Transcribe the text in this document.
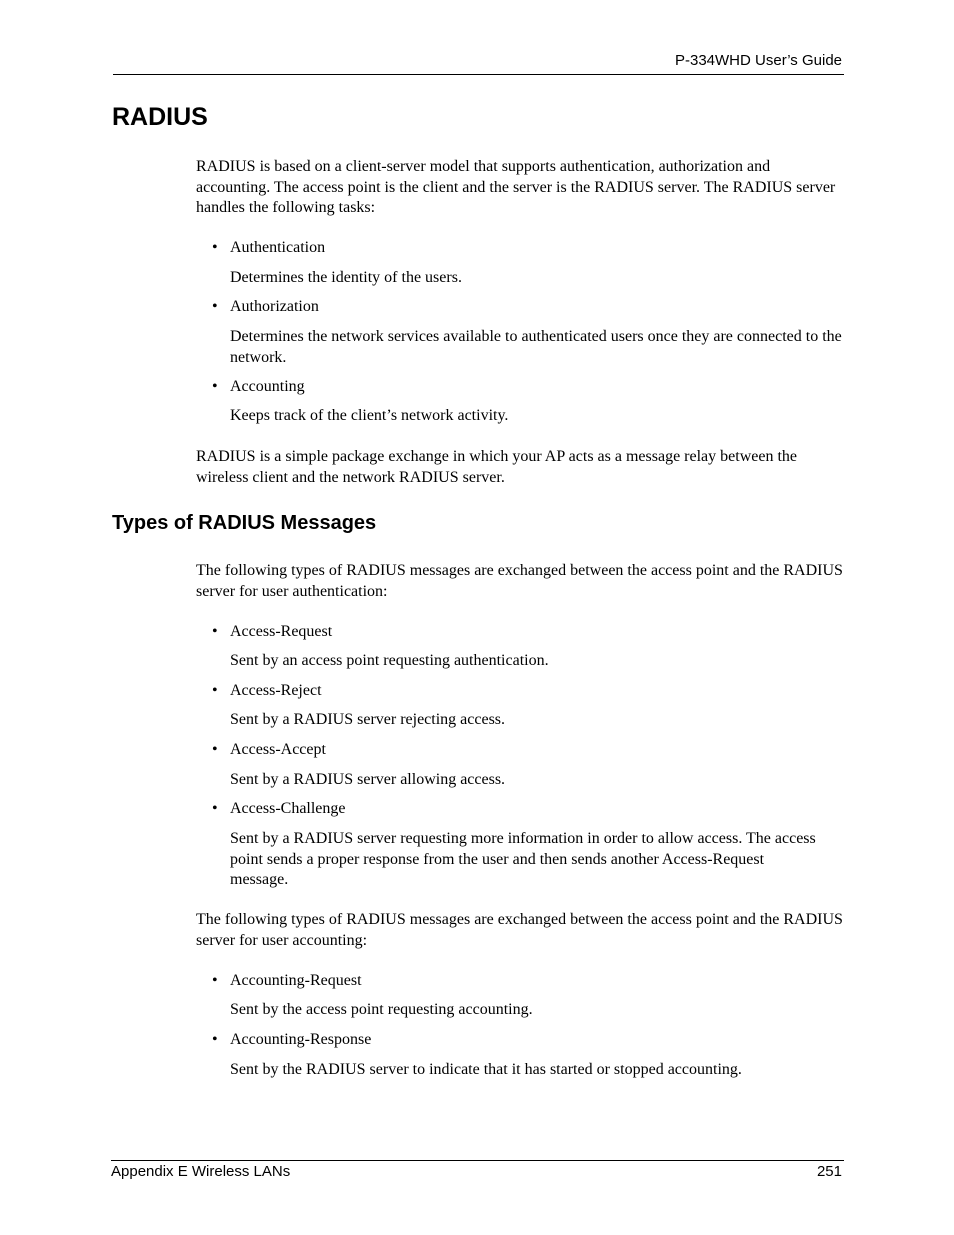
P-334WHD User’s Guide
RADIUS

RADIUS is based on a client-server model that supports authentication, authorization and accounting. The access point is the client and the server is the RADIUS server. The RADIUS server handles the following tasks:

• Authentication

Determines the identity of the users.

• Authorization

Determines the network services available to authenticated users once they are connected to the network.

• Accounting

Keeps track of the client’s network activity.

RADIUS is a simple package exchange in which your AP acts as a message relay between the wireless client and the network RADIUS server.

Types of RADIUS Messages

The following types of RADIUS messages are exchanged between the access point and the RADIUS server for user authentication:

• Access-Request

Sent by an access point requesting authentication.

• Access-Reject

Sent by a RADIUS server rejecting access.

• Access-Accept

Sent by a RADIUS server allowing access.

• Access-Challenge

Sent by a RADIUS server requesting more information in order to allow access. The access point sends a proper response from the user and then sends another Access-Request message.

The following types of RADIUS messages are exchanged between the access point and the RADIUS server for user accounting:

• Accounting-Request

Sent by the access point requesting accounting.

• Accounting-Response

Sent by the RADIUS server to indicate that it has started or stopped accounting.

Appendix E Wireless LANs	251
